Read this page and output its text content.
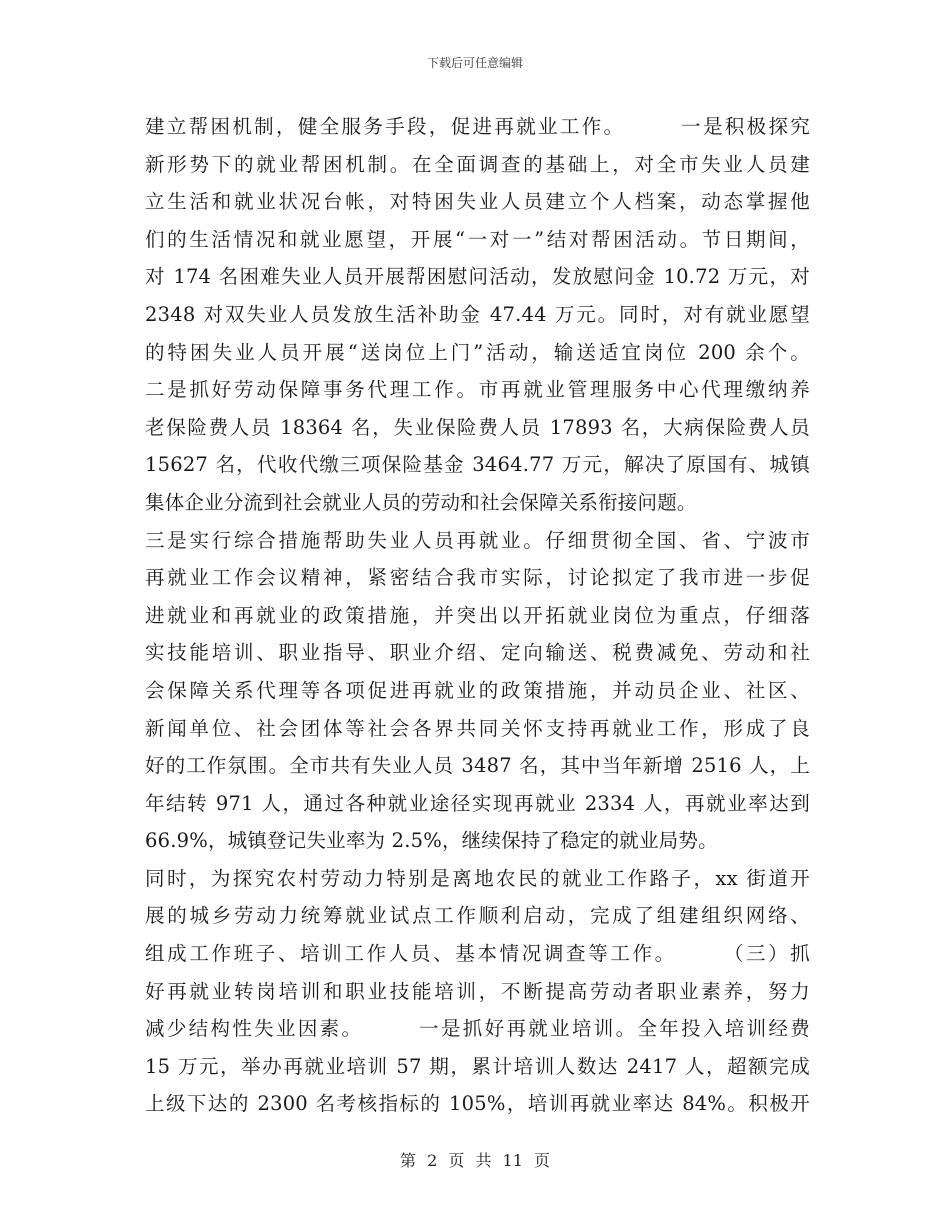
下载后可任意编辑
建立帮困机制，健全服务手段，促进再就业工作。　　　一是积极探究
新形势下的就业帮困机制。在全面调查的基础上，对全市失业人员建
立生活和就业状况台帐，对特困失业人员建立个人档案，动态掌握他
们的生活情况和就业愿望，开展“一对一”结对帮困活动。节日期间，
对 174 名困难失业人员开展帮困慰问活动，发放慰问金 10.72 万元，对
2348 对双失业人员发放生活补助金 47.44 万元。同时，对有就业愿望
的特困失业人员开展“送岗位上门”活动，输送适宜岗位 200 余个。
二是抓好劳动保障事务代理工作。市再就业管理服务中心代理缴纳养
老保险费人员 18364 名，失业保险费人员 17893 名，大病保险费人员
15627 名，代收代缴三项保险基金 3464.77 万元，解决了原国有、城镇
集体企业分流到社会就业人员的劳动和社会保障关系衔接问题。
三是实行综合措施帮助失业人员再就业。仔细贯彻全国、省、宁波市
再就业工作会议精神，紧密结合我市实际，讨论拟定了我市进一步促
进就业和再就业的政策措施，并突出以开拓就业岗位为重点，仔细落
实技能培训、职业指导、职业介绍、定向输送、税费减免、劳动和社
会保障关系代理等各项促进再就业的政策措施，并动员企业、社区、
新闻单位、社会团体等社会各界共同关怀支持再就业工作，形成了良
好的工作氛围。全市共有失业人员 3487 名，其中当年新增 2516 人，上
年结转 971 人，通过各种就业途径实现再就业 2334 人，再就业率达到
66.9%，城镇登记失业率为 2.5%，继续保持了稳定的就业局势。
同时，为探究农村劳动力特别是离地农民的就业工作路子，xx 街道开
展的城乡劳动力统筹就业试点工作顺利启动，完成了组建组织网络、
组成工作班子、培训工作人员、基本情况调查等工作。　　　（三）抓
好再就业转岗培训和职业技能培训，不断提高劳动者职业素养，努力
减少结构性失业因素。　　　一是抓好再就业培训。全年投入培训经费
15 万元，举办再就业培训 57 期，累计培训人数达 2417 人，超额完成
上级下达的 2300 名考核指标的 105%，培训再就业率达 84%。积极开
第 2 页 共 11 页
